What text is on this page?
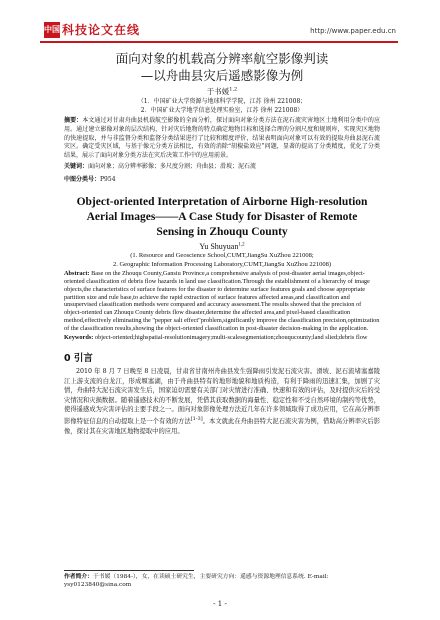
中国 科技论文在线	http://www.paper.edu.cn
面向对象的机载高分辨率航空影像判读
—以舟曲县灾后遥感影像为例
于书媛$^{1,2}$
（1．中国矿业大学资源与地球科学学院，江苏 徐州 221008；
2．中国矿业大学地学信息处理实验室，江苏 徐州 221008）
摘要：本文通过对甘肃舟曲县机载航空影像的全面分析，探讨面向对象分类方法在泥石流灾害地区土地利用分类中的应用。通过建立影像对象的层次结构，针对灾后地物的特点确定地物目标和选择合理的分割尺度和规则库，实现灾区地物的快速提取，并与非监督分类和监督分类结果进行了比较和精度评价，结果表明面向对象可以有效的提取舟曲县泥石流灾区。确定受灾区域，与基于像元分类方法相比，有效的消除“胡椒盐效应”问题，显著的提高了分类精度，优化了分类结果，展示了面向对象分类方法在灾后决策工作中的应用前景。
关键词：面向对象；高分辨率影像；多尺度分割；舟曲县；滑坡；泥石流
中图分类号：P954
Object-oriented Interpretation of Airborne High-resolution
Aerial Images——A Case Study for Disaster of Remote
Sensing in Zhouqu County
Yu Shuyuan$^{1,2}$
(1. Resource and Geoscience School,CUMT,JiangSu XuZhou 221008;
2. Geographic Information Processing Laboratory,CUMT,JiangSu XuZhou 221008)
Abstract: Base on the Zhouqu County,Gansiu Province,a comprehensive analysis of post-disaster aerial images,object-oriented classification of debris flow hazards in land use classification.Through the establishment of a hierarchy of image objects,the characteristics of surface features for the disaster to determine surface features goals and choose appropriate partition size and rule base,to achieve the rapid extraction of surface features affected areas,and classification and unsupervised classification methods were compared and accuracy assessment.The results showed that the precision of object-oriented can Zhouqu County debris flow disaster,determine the affected area,and pixel-based classification method,effectively eliminating the "pepper salt effect"problem,significantly improve the classification precision,optimization of the classification results,showing the object-oriented classification in post-disaster decision-making in the application.
Keywords: object-oriented;highspatial-resolutionimagery;multi-scalesegmentation;zhouqucounty;land slied;debris flow
0 引言

2010 年 8 月 7 日晚至 8 日凌晨，甘肃省甘南州舟曲县发生强降雨引发泥石流灾害。滑坡、泥石流堵塞嘉陵江上游支流的白龙江，形成堰塞湖，由于舟曲县特有的地形地貌和地质构造，有利于降雨的迅速汇集，加剧了灾情，舟曲特大泥石流灾害发生后，国家迫切需要有关部门对灾情进行准确、快速和有效的评估，及时提供灾后的受灾情况和灾损数据。随着遥感技术的不断发展，凭借其获取数据的海量性、稳定性和不受自然环境的制约等优势，使得遥感成为灾害评估的主要手段之一。面向对象影像处理方法近几年在许多领域取得了成功应用，它在高分辨率影像特征信息的自动提取上是一个有效的方法[1-3]。本文就此在舟曲县特大泥石流灾害为例，借助高分辨率灾后影像，探讨其在灾害地区地物提取中的应用。

作者简介：于书媛（1984-），女，在读硕士研究生，主要研究方向：遥感与资源地理信息系统. E-mail: ysy0123840@sina.com
- 1 -
